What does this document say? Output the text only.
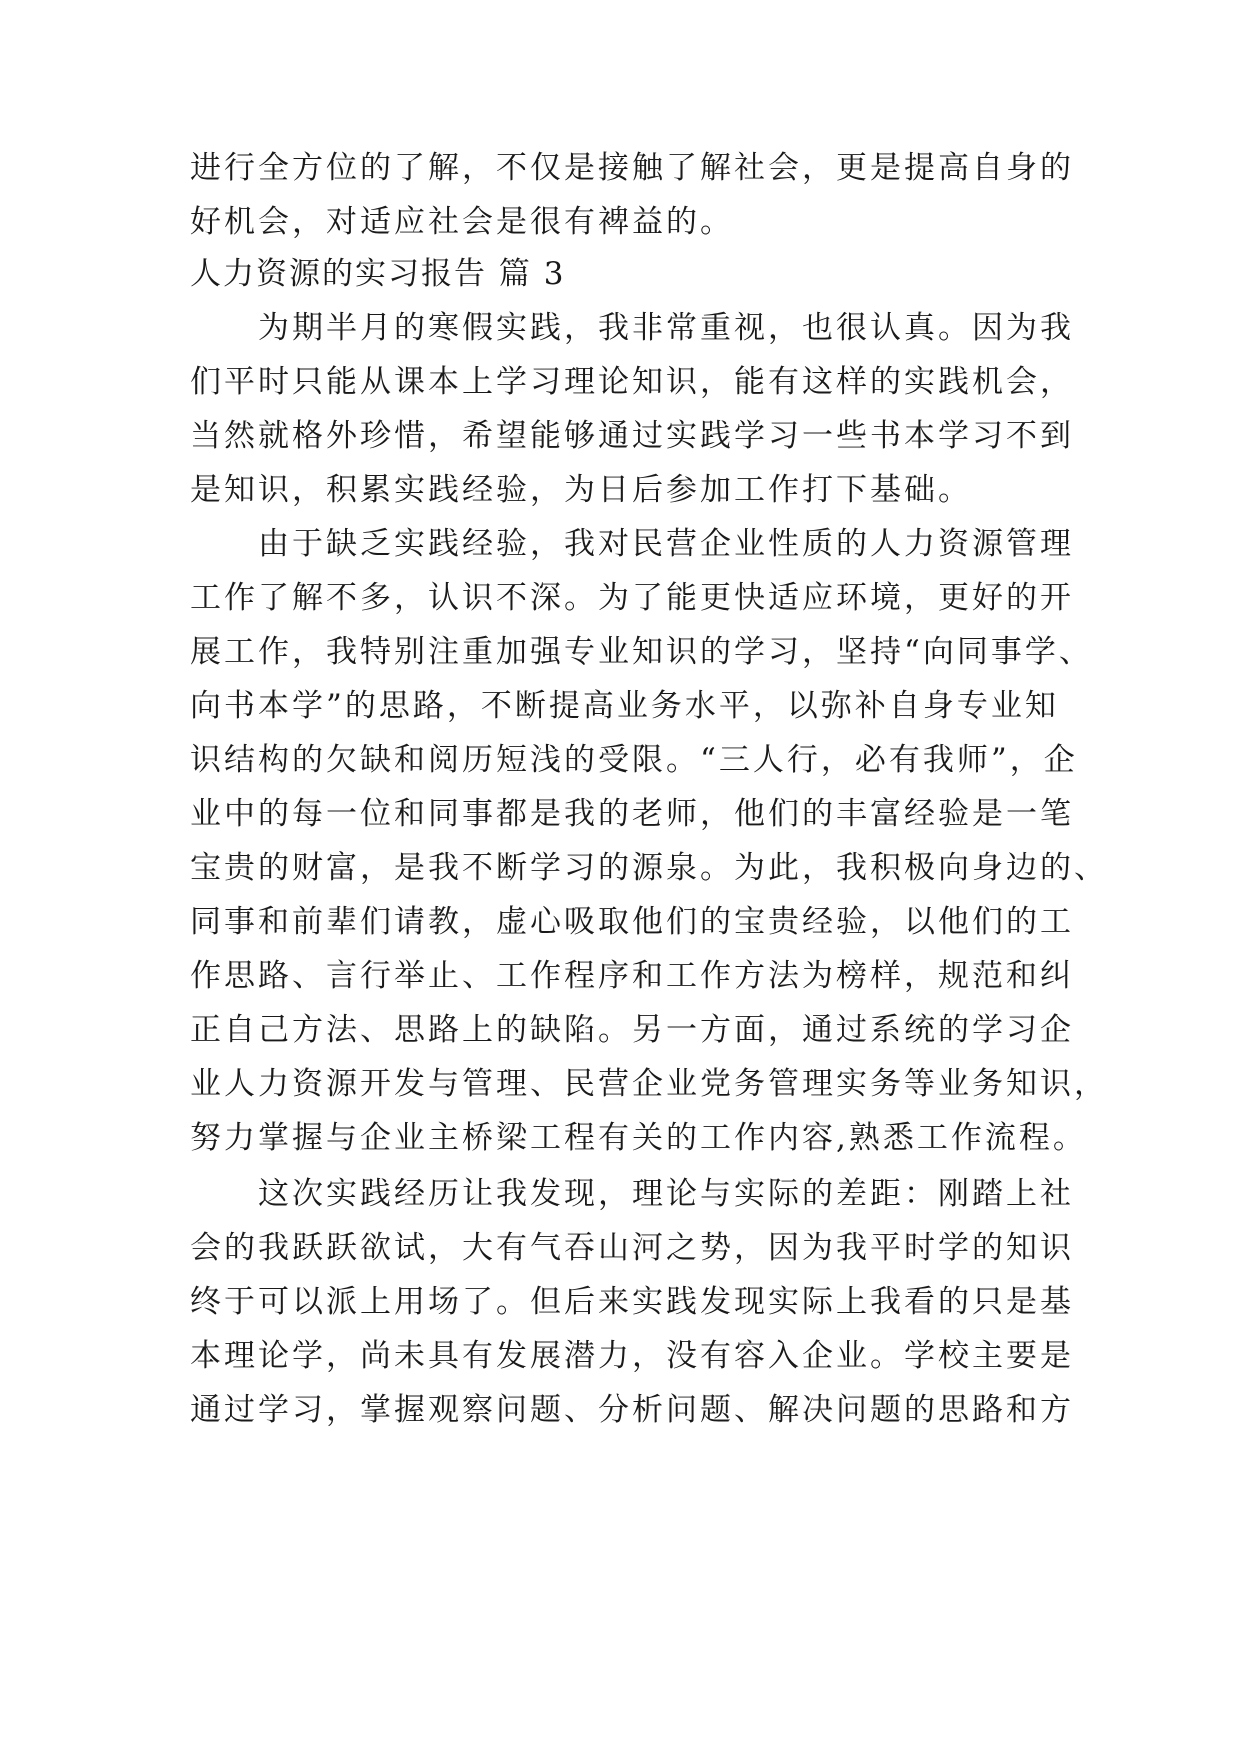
进行全方位的了解，不仅是接触了解社会，更是提高自身的
好机会，对适应社会是很有裨益的。
人力资源的实习报告 篇 3
为期半月的寒假实践，我非常重视，也很认真。因为我
们平时只能从课本上学习理论知识，能有这样的实践机会，
当然就格外珍惜，希望能够通过实践学习一些书本学习不到
是知识，积累实践经验，为日后参加工作打下基础。
由于缺乏实践经验，我对民营企业性质的人力资源管理
工作了解不多，认识不深。为了能更快适应环境，更好的开
展工作，我特别注重加强专业知识的学习，坚持“向同事学、
向书本学”的思路，不断提高业务水平，以弥补自身专业知
识结构的欠缺和阅历短浅的受限。“三人行，必有我师”，企
业中的每一位和同事都是我的老师，他们的丰富经验是一笔
宝贵的财富，是我不断学习的源泉。为此，我积极向身边的、
同事和前辈们请教，虚心吸取他们的宝贵经验，以他们的工
作思路、言行举止、工作程序和工作方法为榜样，规范和纠
正自己方法、思路上的缺陷。另一方面，通过系统的学习企
业人力资源开发与管理、民营企业党务管理实务等业务知识，
努力掌握与企业主桥梁工程有关的工作内容,熟悉工作流程。
这次实践经历让我发现，理论与实际的差距：刚踏上社
会的我跃跃欲试，大有气吞山河之势，因为我平时学的知识
终于可以派上用场了。但后来实践发现实际上我看的只是基
本理论学，尚未具有发展潜力，没有容入企业。学校主要是
通过学习，掌握观察问题、分析问题、解决问题的思路和方
